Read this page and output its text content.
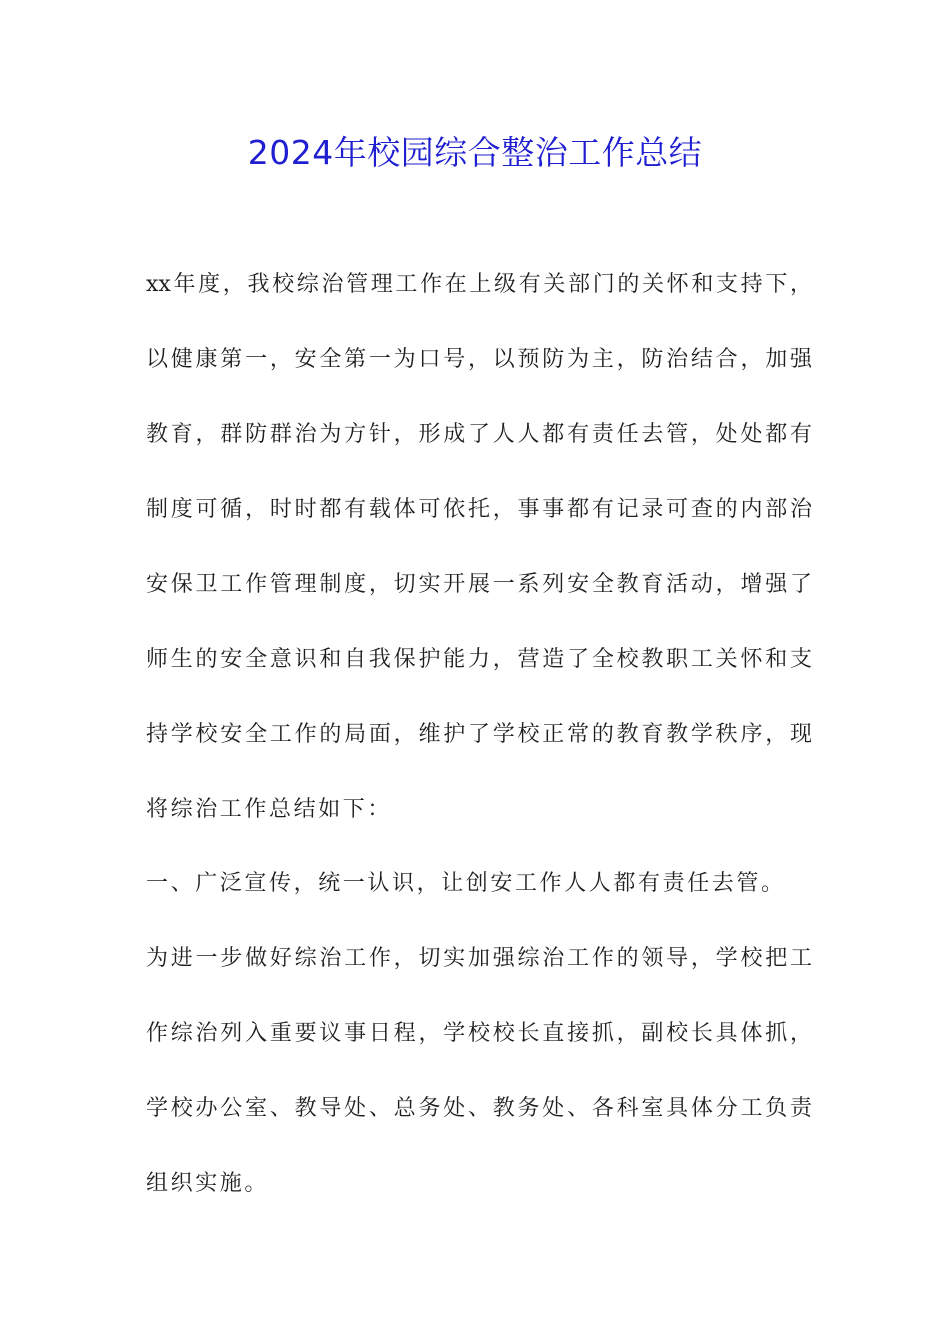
2024年校园综合整治工作总结
xx年度，我校综治管理工作在上级有关部门的关怀和支持下，
以健康第一，安全第一为口号，以预防为主，防治结合，加强
教育，群防群治为方针，形成了人人都有责任去管，处处都有
制度可循，时时都有载体可依托，事事都有记录可查的内部治
安保卫工作管理制度，切实开展一系列安全教育活动，增强了
师生的安全意识和自我保护能力，营造了全校教职工关怀和支
持学校安全工作的局面，维护了学校正常的教育教学秩序，现
将综治工作总结如下：
一、广泛宣传，统一认识，让创安工作人人都有责任去管。
为进一步做好综治工作，切实加强综治工作的领导，学校把工
作综治列入重要议事日程，学校校长直接抓，副校长具体抓，
学校办公室、教导处、总务处、教务处、各科室具体分工负责
组织实施。
